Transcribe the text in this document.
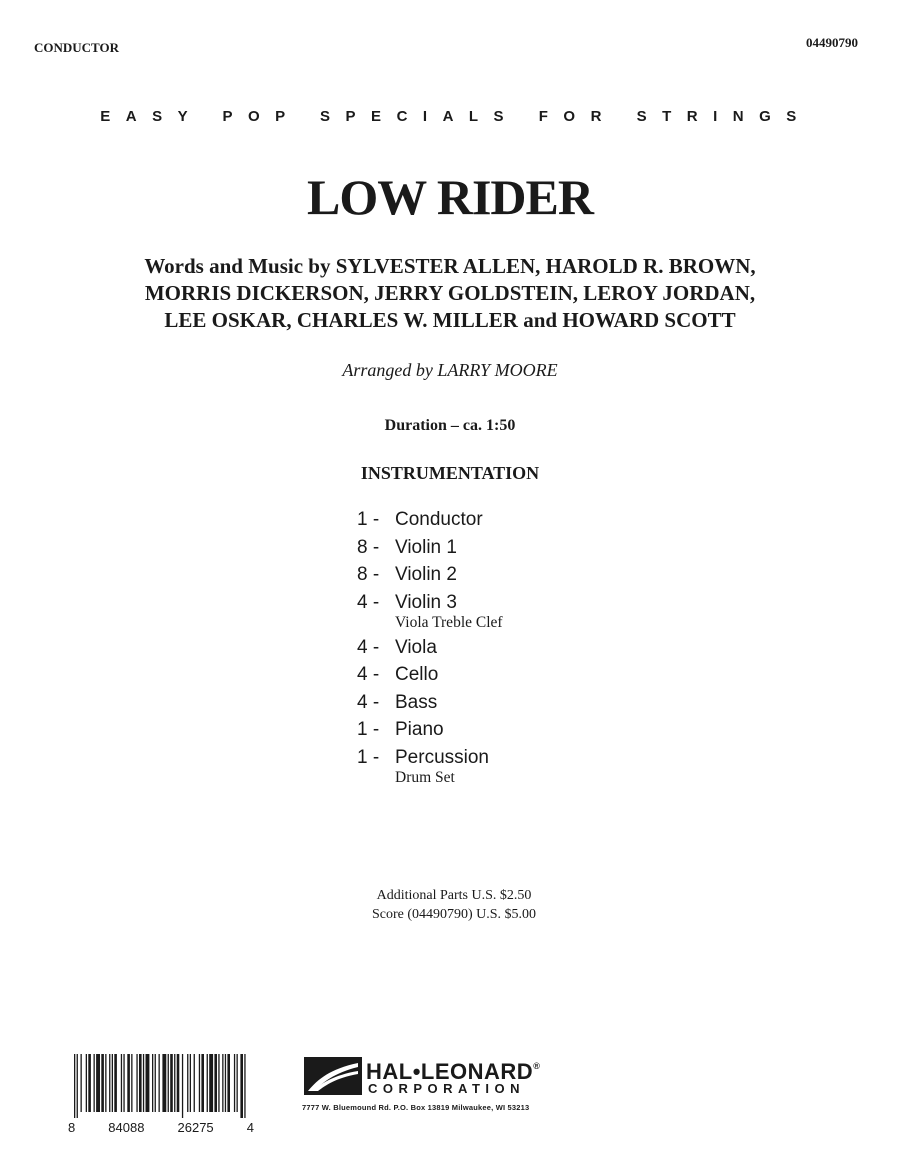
CONDUCTOR	04490790
EASY POP SPECIALS FOR STRINGS
LOW RIDER
Words and Music by SYLVESTER ALLEN, HAROLD R. BROWN,
MORRIS DICKERSON, JERRY GOLDSTEIN, LEROY JORDAN,
LEE OSKAR, CHARLES W. MILLER and HOWARD SCOTT
Arranged by LARRY MOORE
Duration – ca. 1:50
INSTRUMENTATION
1 - Conductor
8 - Violin 1
8 - Violin 2
4 - Violin 3
Viola Treble Clef
4 - Viola
4 - Cello
4 - Bass
1 - Piano
1 - Percussion
Drum Set
Additional Parts U.S. $2.50
Score (04490790) U.S. $5.00
8	84088	26275	4
HAL•LEONARD®
CORPORATION
7777 W. Bluemound Rd. P.O. Box 13819 Milwaukee, WI 53213
